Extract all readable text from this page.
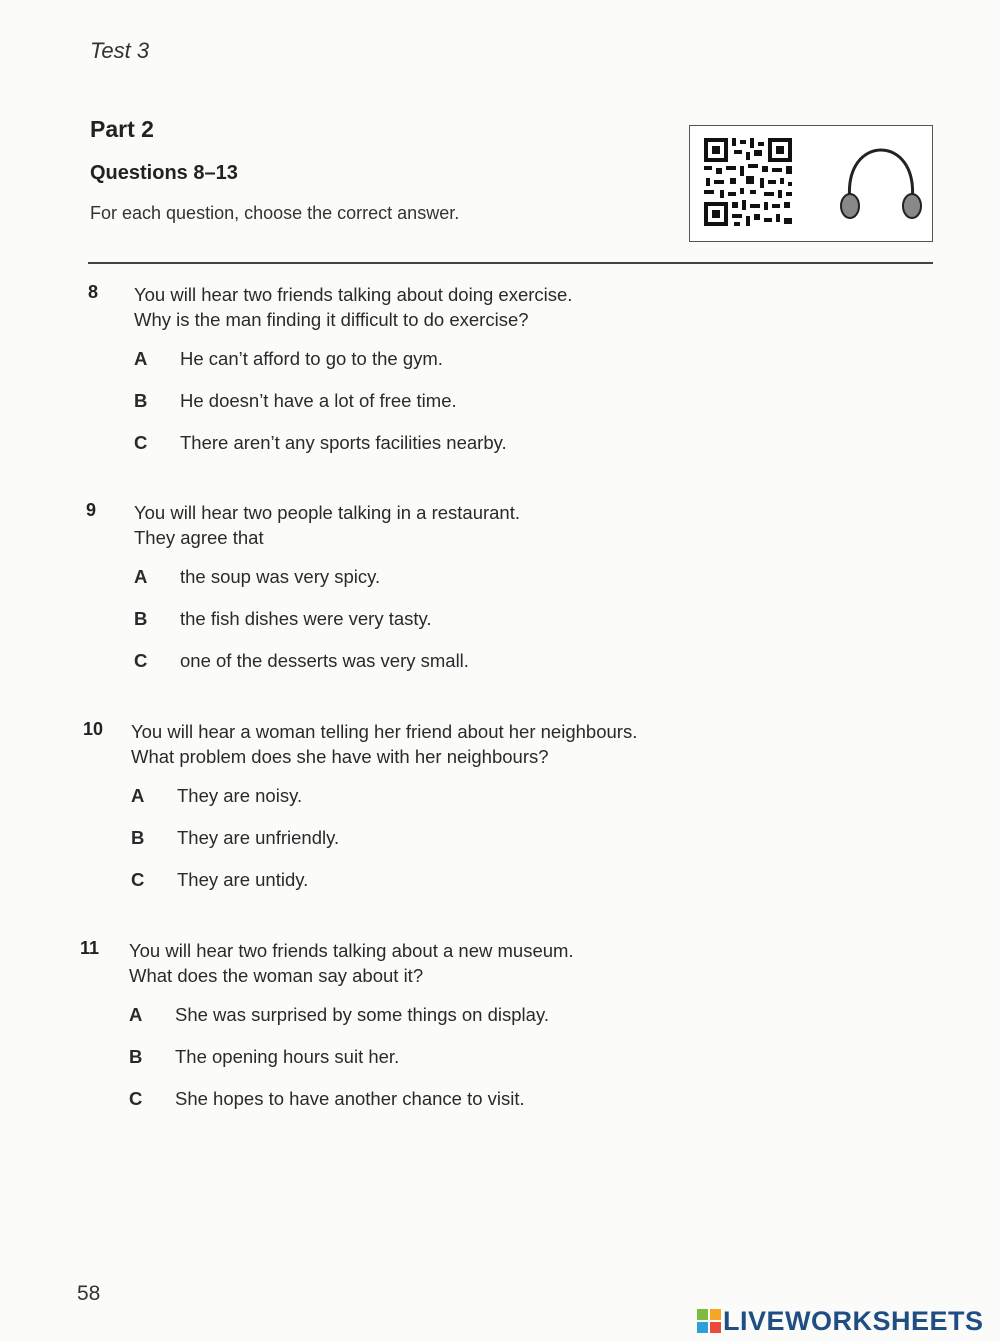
Test 3
Part 2
Questions 8–13
For each question, choose the correct answer.
8 You will hear two friends talking about doing exercise.
Why is the man finding it difficult to do exercise?
A He can’t afford to go to the gym.
B He doesn’t have a lot of free time.
C There aren’t any sports facilities nearby.
9 You will hear two people talking in a restaurant.
They agree that
A the soup was very spicy.
B the fish dishes were very tasty.
C one of the desserts was very small.
10 You will hear a woman telling her friend about her neighbours.
What problem does she have with her neighbours?
A They are noisy.
B They are unfriendly.
C They are untidy.
11 You will hear two friends talking about a new museum.
What does the woman say about it?
A She was surprised by some things on display.
B The opening hours suit her.
C She hopes to have another chance to visit.
58
LIVEWORKSHEETS
